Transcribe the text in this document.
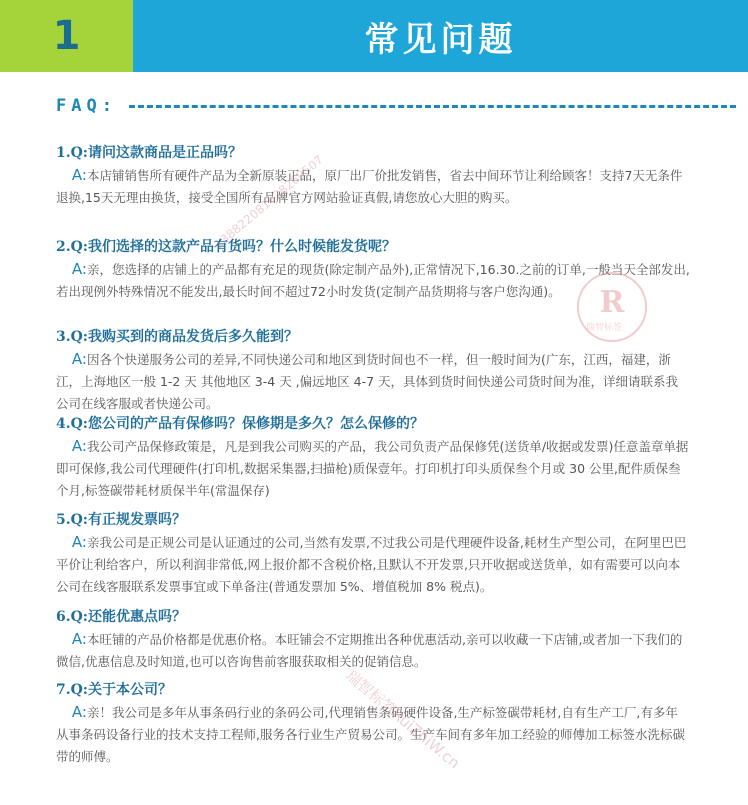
1	常见问题
FAQ:
1.Q:请问这款商品是正品吗？
A:本店铺销售所有硬件产品为全新原装正品，原厂出厂价批发销售，省去中间环节让利给顾客！支持7天无条件退换,15天无理由换货，接受全国所有品牌官方网站验证真假,请您放心大胆的购买。
2.Q:我们选择的这款产品有货吗？什么时候能发货呢？
A:亲，您选择的店铺上的产品都有充足的现货(除定制产品外),正常情况下,16.30.之前的订单,一般当天全部发出,若出现例外特殊情况不能发出,最长时间不超过72小时发货(定制产品货期将与客户您沟通)。
3.Q:我购买到的商品发货后多久能到？
A:因各个快递服务公司的差异,不同快递公司和地区到货时间也不一样，但一般时间为(广东，江西，福建，浙江，上海地区一般 1-2 天 其他地区 3-4 天 ,偏远地区 4-7 天，具体到货时间快递公司货时间为准，详细请联系我公司在线客服或者快递公司。
4.Q:您公司的产品有保修吗？保修期是多久？怎么保修的？
A:我公司产品保修政策是，凡是到我公司购买的产品，我公司负责产品保修凭(送货单/收据或发票)任意盖章单据即可保修,我公司代理硬件(打印机,数据采集器,扫描枪)质保壹年。打印机打印头质保叁个月或 30 公里,配件质保叁个月,标签碳带耗材质保半年(常温保存)
5.Q:有正规发票吗？
A:亲我公司是正规公司是认证通过的公司,当然有发票,不过我公司是代理硬件设备,耗材生产型公司，在阿里巴巴平价让利给客户，所以利润非常低,网上报价都不含税价格,且默认不开发票,只开收据或送货单，如有需要可以向本公司在线客服联系发票事宜或下单备注(普通发票加 5%、增值税加 8% 税点)。
6.Q:还能优惠点吗？
A:本旺铺的产品价格都是优惠价格。本旺铺会不定期推出各种优惠活动,亲可以收藏一下店铺,或者加一下我们的微信,优惠信息及时知道,也可以咨询售前客服获取相关的促销信息。
7.Q:关于本公司？
A:亲！我公司是多年从事条码行业的条码公司,代理销售条码硬件设备,生产标签碳带耗材,自有生产工厂,有多年从事条码设备行业的技术支持工程师,服务各行业生产贸易公司。生产车间有多年加工经验的师傅加工标签水洗标碳带的师傅。
138822081628269507
R
瑞智标签
瑞智标签RuiZhiW.cn
